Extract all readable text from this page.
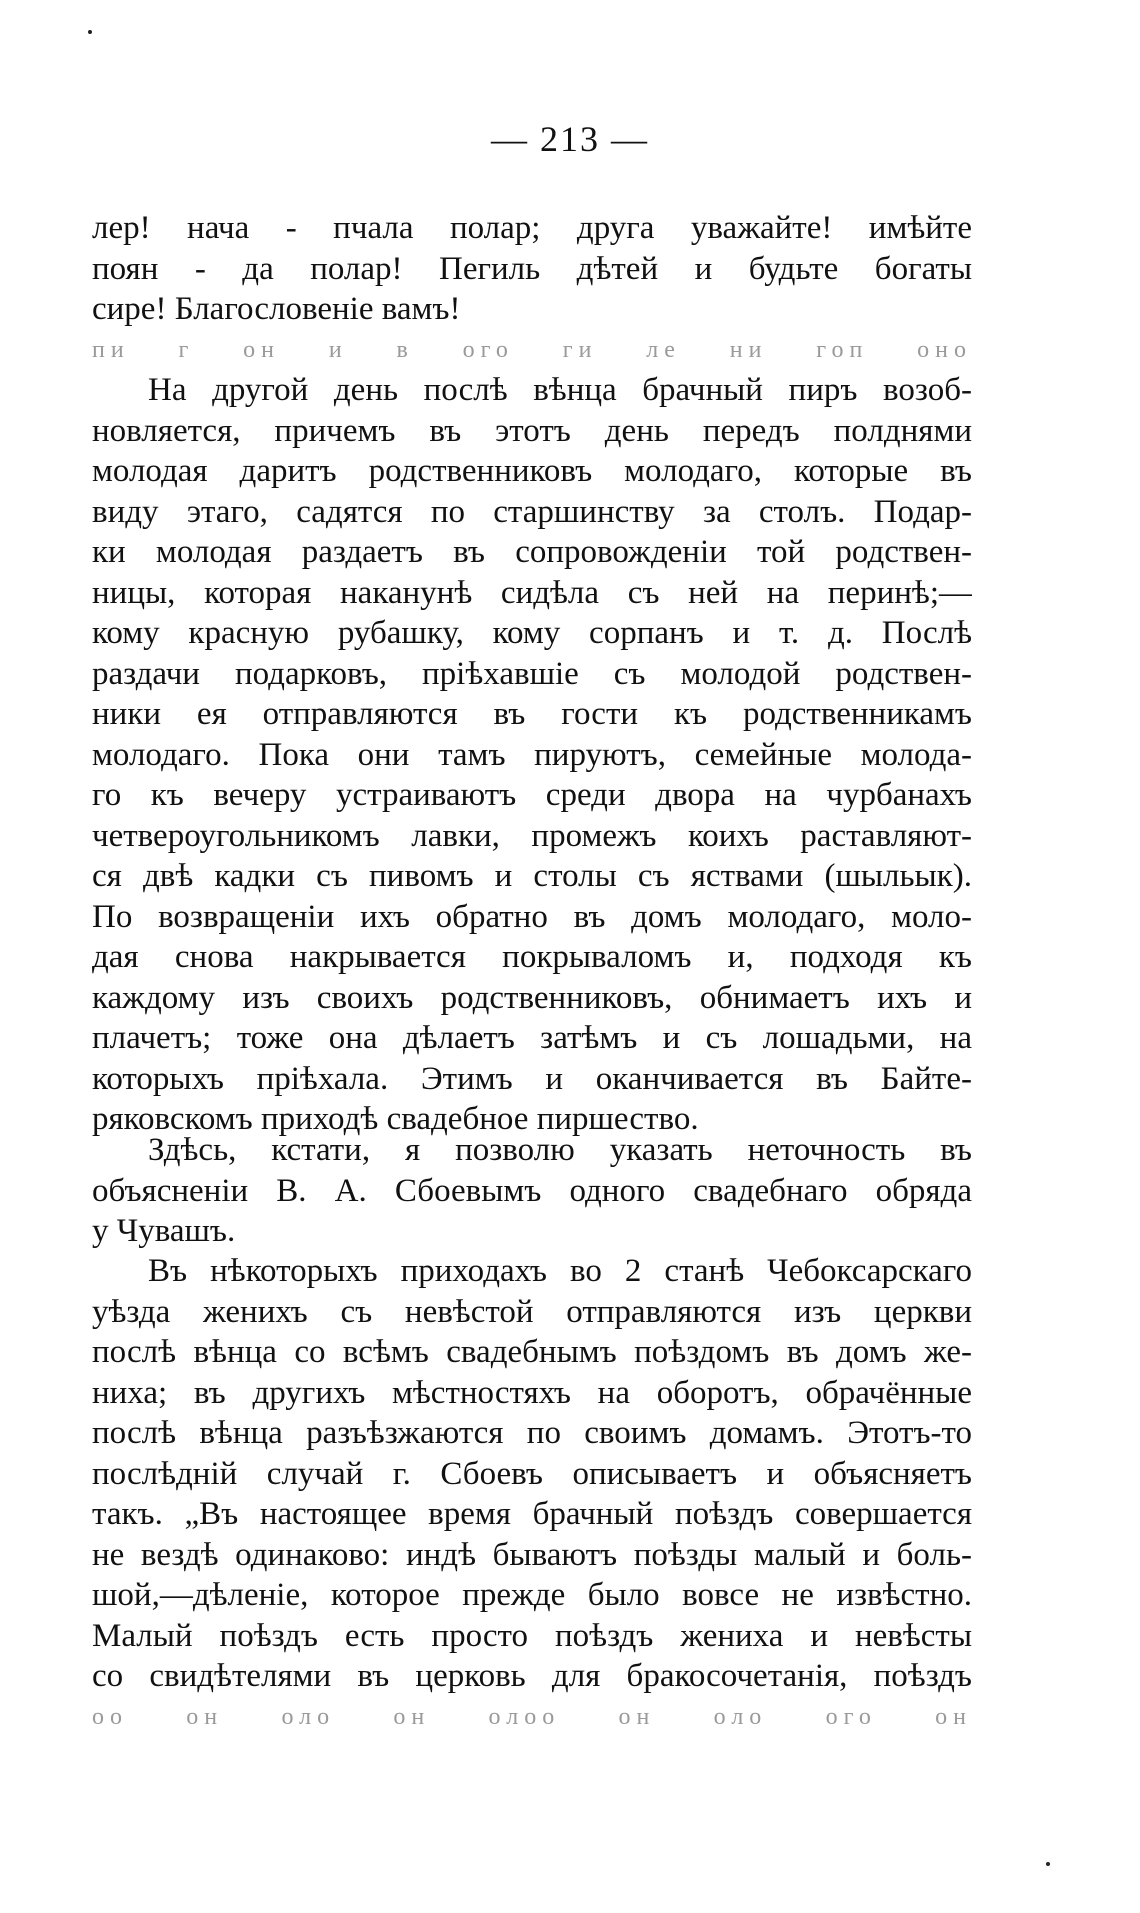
— 213 —
лер! нача - пчала полар; друга уважайте! имѣйте
поян - да полар! Пегиль дѣтей и будьте богаты
сире! Благословеніе вамъ!
пи г он и в ого ги ле ни гоп оно
На другой день послѣ вѣнца брачный пиръ возоб-
новляется, причемъ въ этотъ день передъ полднями
молодая даритъ родственниковъ молодаго, которые въ
виду этаго, садятся по старшинству за столъ. Подар-
ки молодая раздаетъ въ сопровожденіи той родствен-
ницы, которая наканунѣ сидѣла съ ней на перинѣ;—
кому красную рубашку, кому сорпанъ и т. д. Послѣ
раздачи подарковъ, пріѣхавшіе съ молодой родствен-
ники ея отправляются въ гости къ родственникамъ
молодаго. Пока они тамъ пируютъ, семейные молода-
го къ вечеру устраиваютъ среди двора на чурбанахъ
четвероугольникомъ лавки, промежъ коихъ раставляют-
ся двѣ кадки съ пивомъ и столы съ яствами (шыльык).
По возвращеніи ихъ обратно въ домъ молодаго, моло-
дая снова накрывается покрываломъ и, подходя къ
каждому изъ своихъ родственниковъ, обнимаетъ ихъ и
плачетъ; тоже она дѣлаетъ затѣмъ и съ лошадьми, на
которыхъ пріѣхала. Этимъ и оканчивается въ Байте-
ряковскомъ приходѣ свадебное пиршество.
Здѣсь, кстати, я позволю указать неточность въ
объясненіи В. А. Сбоевымъ одного свадебнаго обряда
у Чувашъ.
Въ нѣкоторыхъ приходахъ во 2 станѣ Чебоксарскаго
уѣзда женихъ съ невѣстой отправляются изъ церкви
послѣ вѣнца со всѣмъ свадебнымъ поѣздомъ въ домъ же-
ниха; въ другихъ мѣстностяхъ на оборотъ, обрачённые
послѣ вѣнца разъѣзжаются по своимъ домамъ. Этотъ-то
послѣдній случай г. Сбоевъ описываетъ и объясняетъ
такъ. „Въ настоящее время брачный поѣздъ совершается
не вездѣ одинаково: индѣ бываютъ поѣзды малый и боль-
шой,—дѣленіе, которое прежде было вовсе не извѣстно.
Малый поѣздъ есть просто поѣздъ жениха и невѣсты
со свидѣтелями въ церковь для бракосочетанія, поѣздъ
оо он оло он олоо он оло ого он
